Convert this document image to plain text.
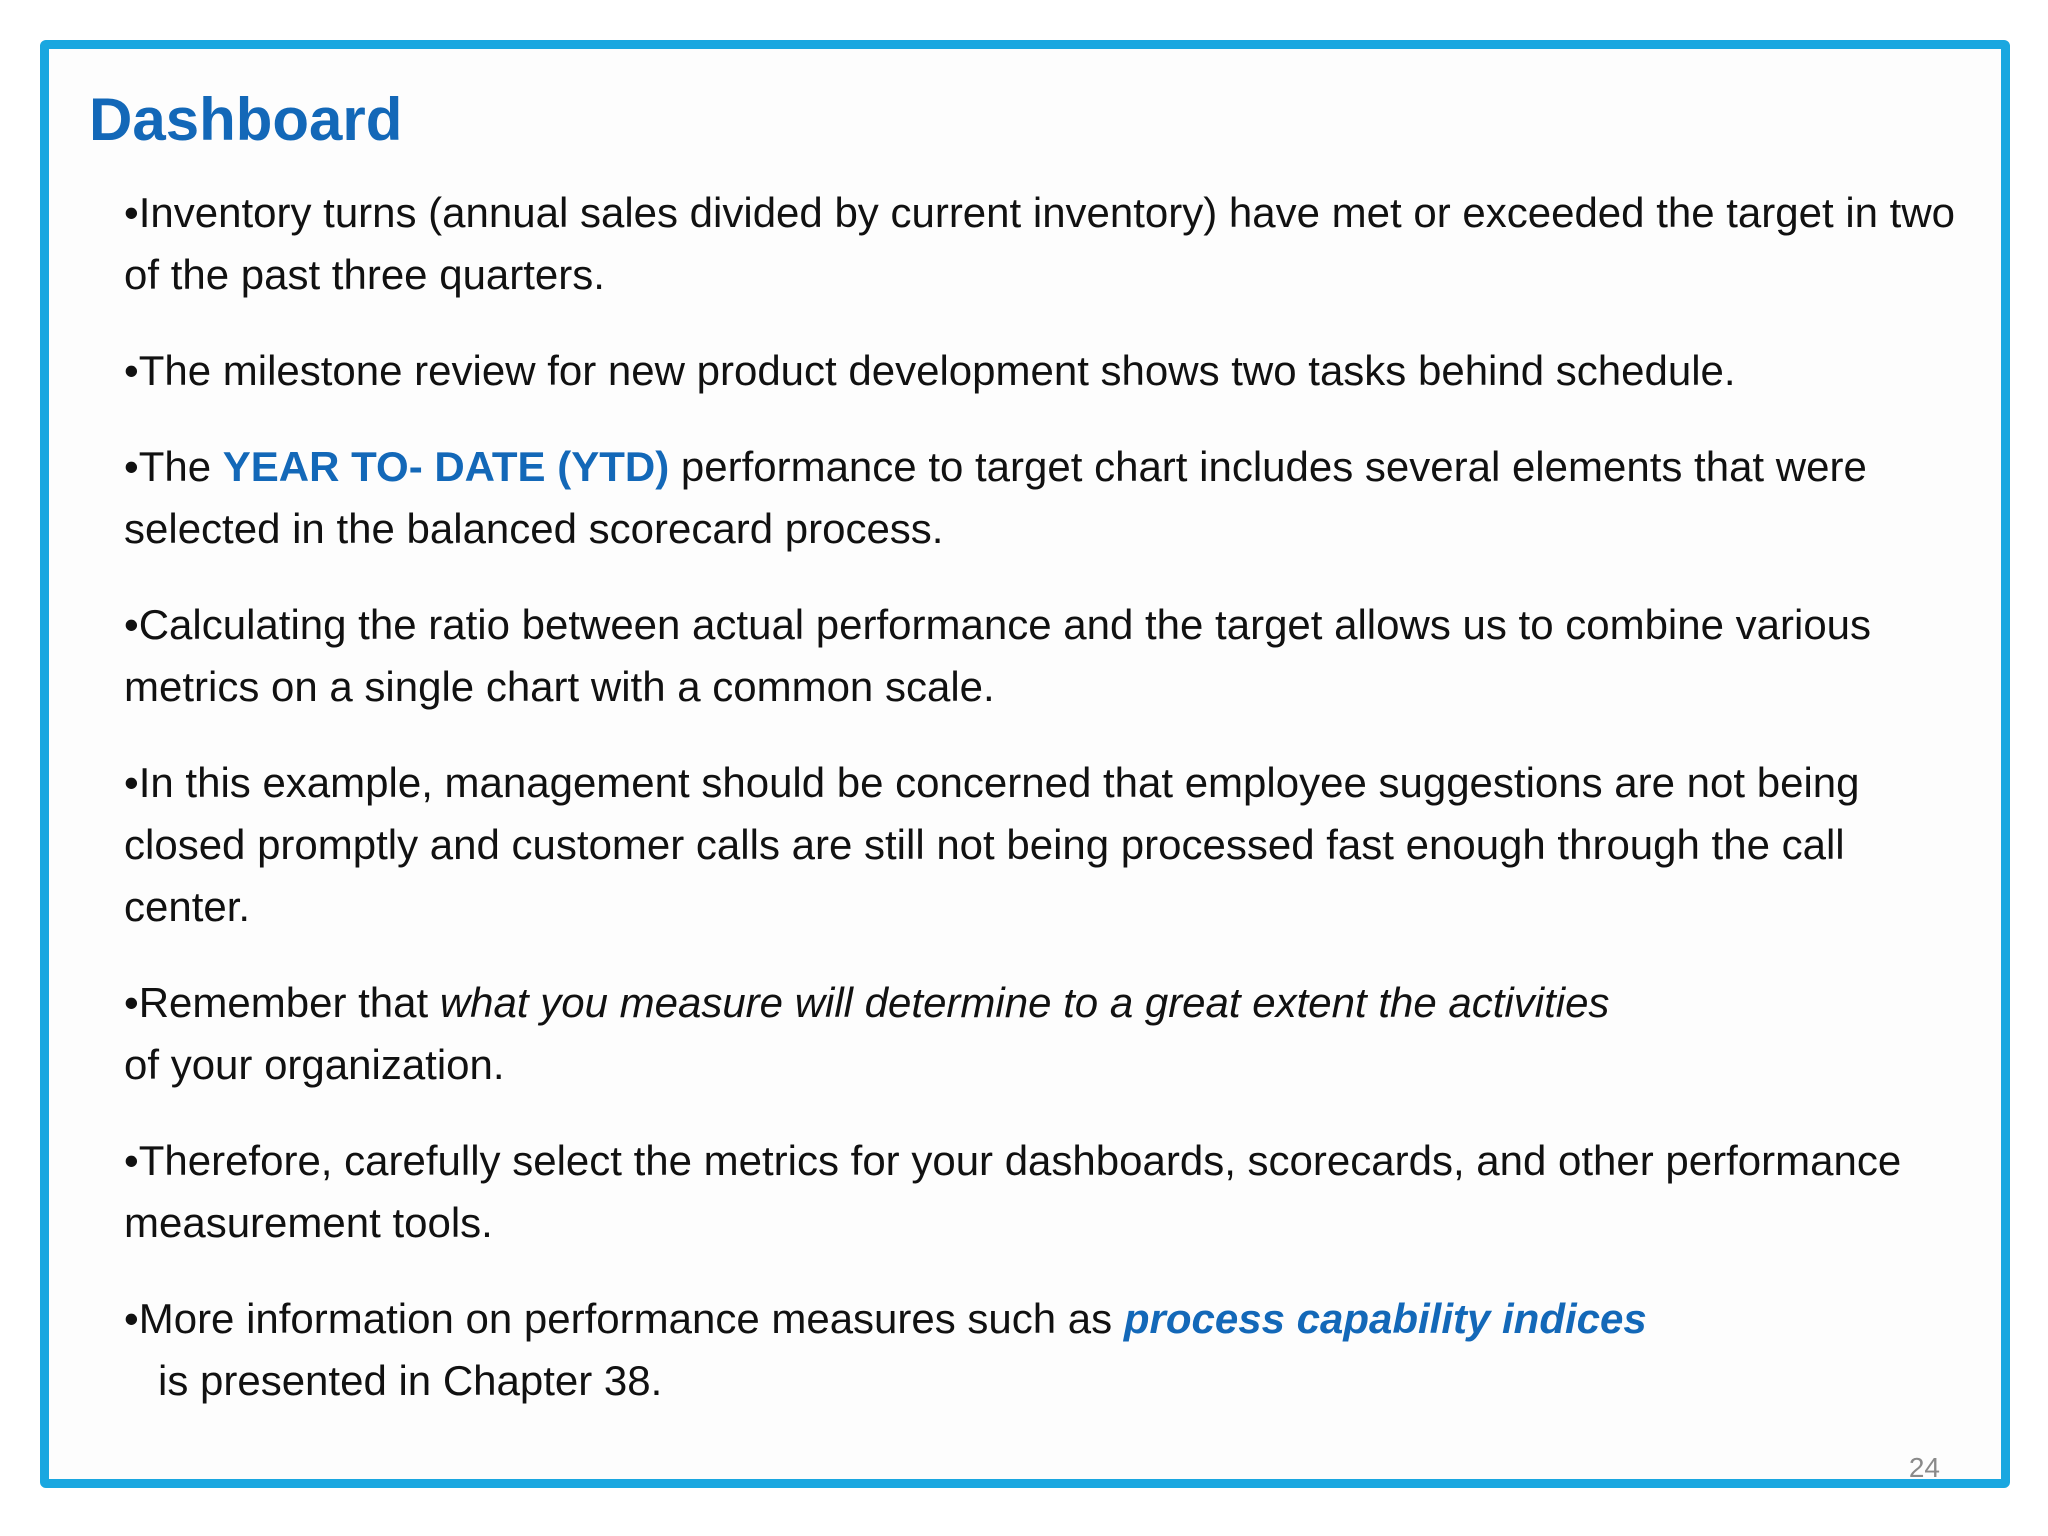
Dashboard
•Inventory turns (annual sales divided by current inventory) have met or exceeded the target in two of the past three quarters.
•The milestone review for new product development shows two tasks behind schedule.
•The YEAR TO- DATE (YTD) performance to target chart includes several elements that were selected in the balanced scorecard process.
•Calculating the ratio between actual performance and the target allows us to combine various metrics on a single chart with a common scale.
•In this example, management should be concerned that employee suggestions are not being closed promptly and customer calls are still not being processed fast enough through the call center.
•Remember that what you measure will determine to a great extent the activities
of your organization.
•Therefore, carefully select the metrics for your dashboards, scorecards, and other performance measurement tools.
•More information on performance measures such as process capability indices
is presented in Chapter 38.
24
